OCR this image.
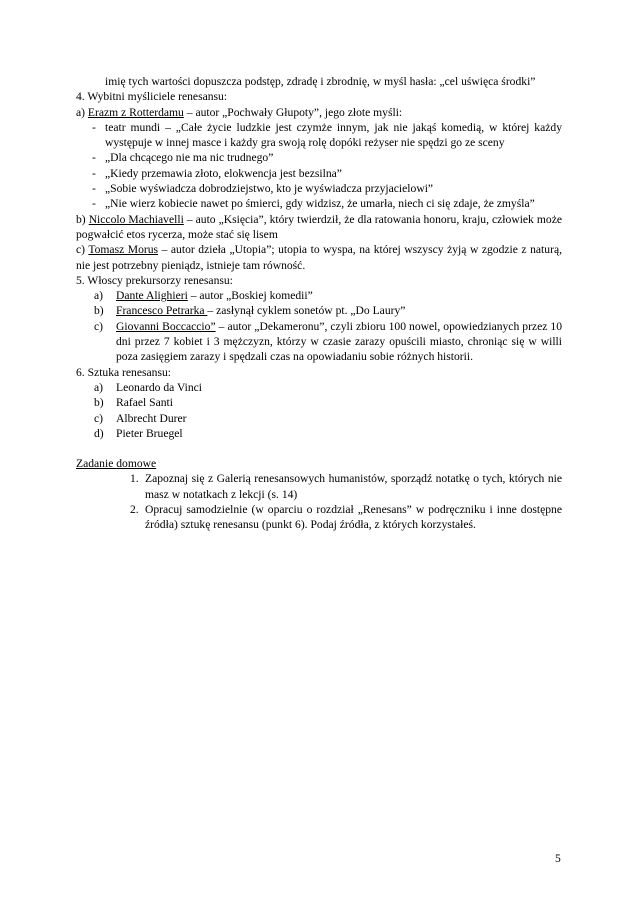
imię tych wartości dopuszcza podstęp, zdradę i zbrodnię, w myśl hasła: „cel uświęca środki”

4. Wybitni myśliciele renesansu:

a) Erazm z Rotterdamu – autor „Pochwały Głupoty”, jego złote myśli:

- teatr mundi – „Całe życie ludzkie jest czymże innym, jak nie jakąś komedią, w której każdy występuje w innej masce i każdy gra swoją rolę dopóki reżyser nie spędzi go ze sceny
- „Dla chcącego nie ma nic trudnego”
- „Kiedy przemawia złoto, elokwencja jest bezsilna”
- „Sobie wyświadcza dobrodziejstwo, kto je wyświadcza przyjacielowi”
- „Nie wierz kobiecie nawet po śmierci, gdy widzisz, że umarła, niech ci się zdaje, że zmyśla”

b) Niccolo Machiavelli – auto „Księcia”, który twierdził, że dla ratowania honoru, kraju, człowiek może pogwałcić etos rycerza, może stać się lisem

c) Tomasz Morus – autor dzieła „Utopia”; utopia to wyspa, na której wszyscy żyją w zgodzie z naturą, nie jest potrzebny pieniądz, istnieje tam równość.

5. Włoscy prekursorzy renesansu:

a) Dante Alighieri – autor „Boskiej komedii”
b) Francesco Petrarka – zasłynął cyklem sonetów pt. „Do Laury”
c) Giovanni Boccaccio” – autor „Dekameronu”, czyli zbioru 100 nowel, opowiedzianych przez 10 dni przez 7 kobiet i 3 mężczyzn, którzy w czasie zarazy opuścili miasto, chroniąc się w willi poza zasięgiem zarazy i spędzali czas na opowiadaniu sobie różnych historii.

6. Sztuka renesansu:

a) Leonardo da Vinci
b) Rafael Santi
c) Albrecht Durer
d) Pieter Bruegel

Zadanie domowe

1. Zapoznaj się z Galerią renesansowych humanistów, sporządź notatkę o tych, których nie masz w notatkach z lekcji (s. 14)
2. Opracuj samodzielnie (w oparciu o rozdział „Renesans” w podręczniku i inne dostępne źródła) sztukę renesansu (punkt 6). Podaj źródła, z których korzystałeś.
5
